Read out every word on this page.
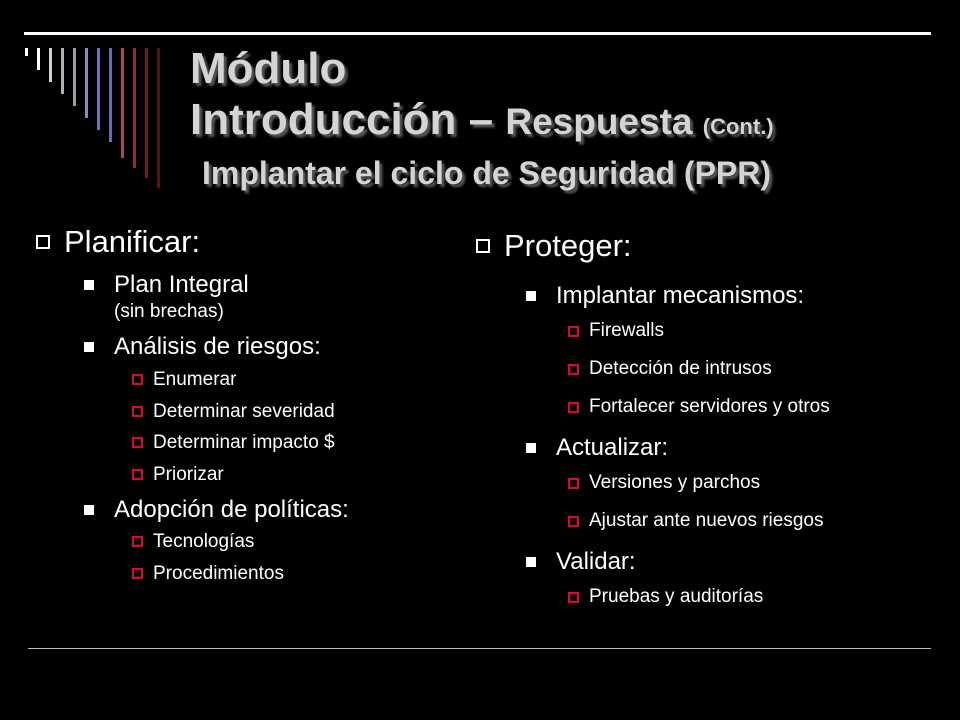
Módulo
Introducción – Respuesta (Cont.)
Implantar el ciclo de Seguridad (PPR)
Planificar:
Plan Integral
(sin brechas)
Análisis de riesgos:
Enumerar
Determinar severidad
Determinar impacto $
Priorizar
Adopción de políticas:
Tecnologías
Procedimientos
Proteger:
Implantar mecanismos:
Firewalls
Detección de intrusos
Fortalecer servidores y otros
Actualizar:
Versiones y parchos
Ajustar ante nuevos riesgos
Validar:
Pruebas y auditorías
